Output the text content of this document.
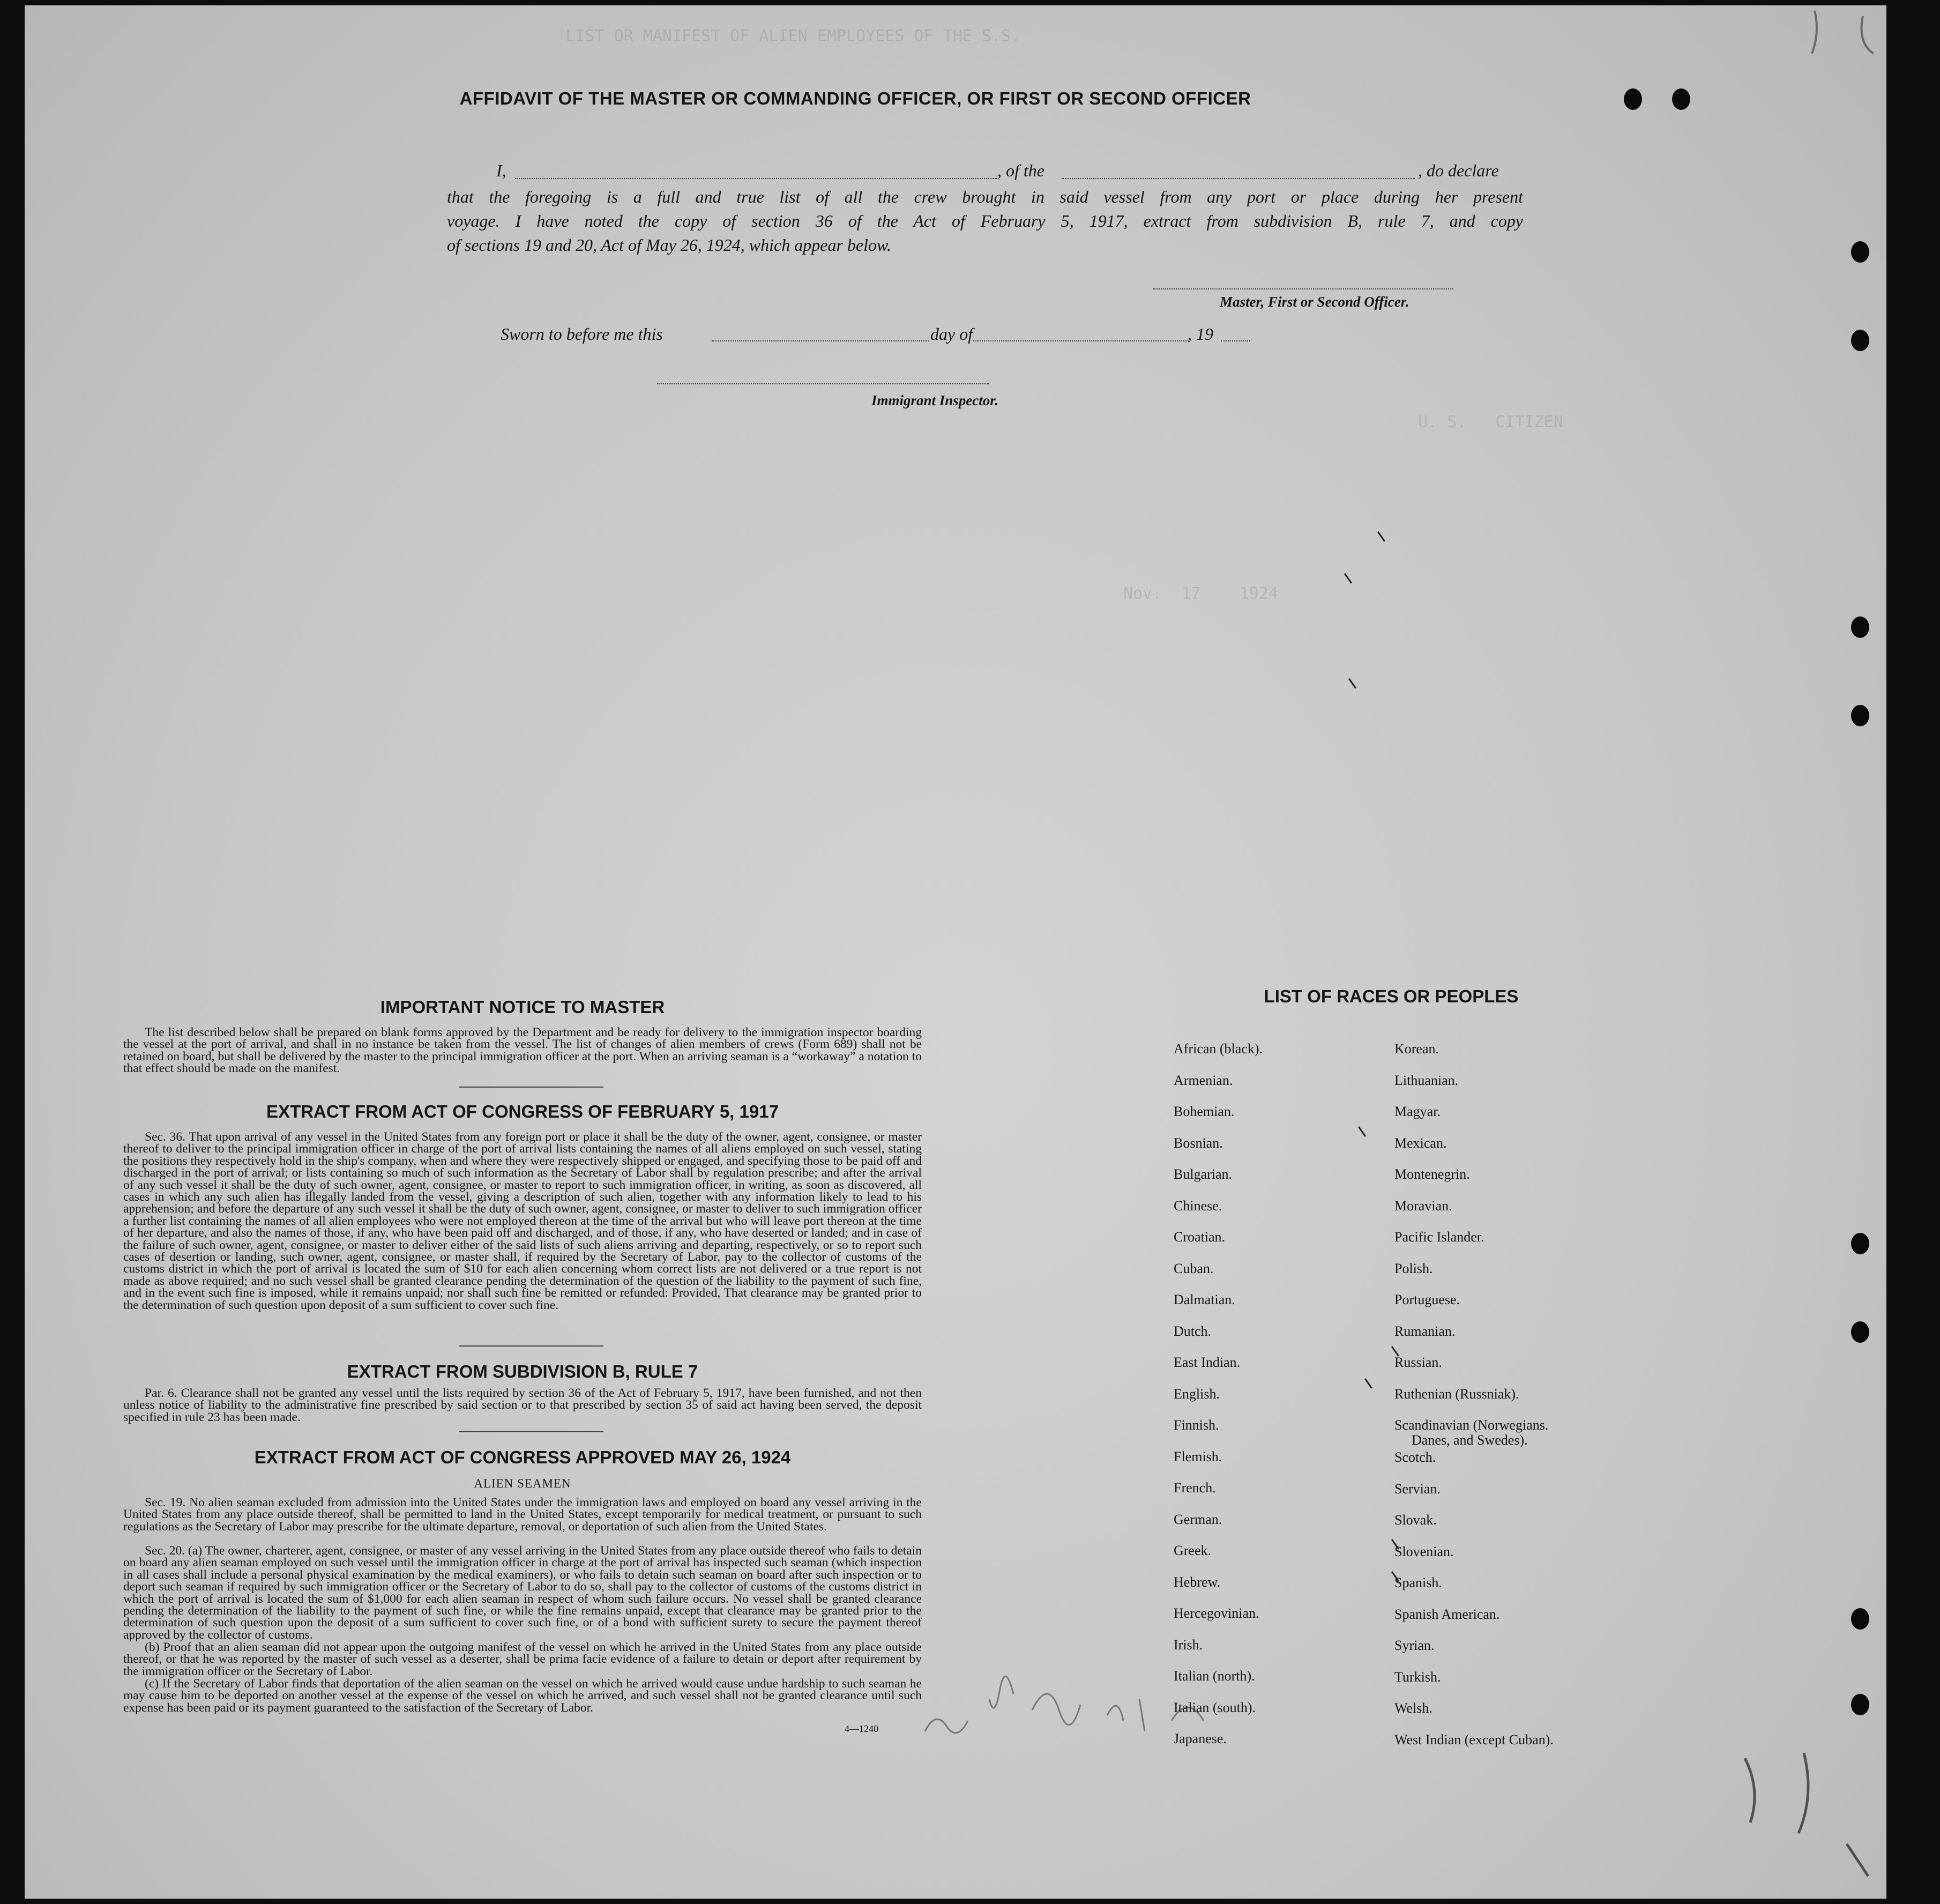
LIST OR MANIFEST OF ALIEN EMPLOYEES OF THE S.S.
U. S.   CITIZEN
Nov.  17    1924
AFFIDAVIT OF THE MASTER OR COMMANDING OFFICER, OR FIRST OR SECOND OFFICER
I,	, of the	, do declare
that the foregoing is a full and true list of all the crew brought in said vessel from any port or place during her present
voyage. I have noted the copy of section 36 of the Act of February 5, 1917, extract from subdivision B, rule 7, and copy
of sections 19 and 20, Act of May 26, 1924, which appear below.
Master, First or Second Officer.
Sworn to before me this	day of	, 19
Immigrant Inspector.
IMPORTANT NOTICE TO MASTER
The list described below shall be prepared on blank forms approved by the Department and be ready for delivery to the immigration inspector boarding the vessel at the port of arrival, and shall in no instance be taken from the vessel. The list of changes of alien members of crews (Form 689) shall not be retained on board, but shall be delivered by the master to the principal immigration officer at the port. When an arriving seaman is a “workaway” a notation to that effect should be made on the manifest.
EXTRACT FROM ACT OF CONGRESS OF FEBRUARY 5, 1917
Sec. 36. That upon arrival of any vessel in the United States from any foreign port or place it shall be the duty of the owner, agent, consignee, or master thereof to deliver to the principal immigration officer in charge of the port of arrival lists containing the names of all aliens employed on such vessel, stating the positions they respectively hold in the ship's company, when and where they were respectively shipped or engaged, and specifying those to be paid off and discharged in the port of arrival; or lists containing so much of such information as the Secretary of Labor shall by regulation prescribe; and after the arrival of any such vessel it shall be the duty of such owner, agent, consignee, or master to report to such immigration officer, in writing, as soon as discovered, all cases in which any such alien has illegally landed from the vessel, giving a description of such alien, together with any information likely to lead to his apprehension; and before the departure of any such vessel it shall be the duty of such owner, agent, consignee, or master to deliver to such immigration officer a further list containing the names of all alien employees who were not employed thereon at the time of the arrival but who will leave port thereon at the time of her departure, and also the names of those, if any, who have been paid off and discharged, and of those, if any, who have deserted or landed; and in case of the failure of such owner, agent, consignee, or master to deliver either of the said lists of such aliens arriving and departing, respectively, or so to report such cases of desertion or landing, such owner, agent, consignee, or master shall, if required by the Secretary of Labor, pay to the collector of customs of the customs district in which the port of arrival is located the sum of $10 for each alien concerning whom correct lists are not delivered or a true report is not made as above required; and no such vessel shall be granted clearance pending the determination of the question of the liability to the payment of such fine, and in the event such fine is imposed, while it remains unpaid; nor shall such fine be remitted or refunded: Provided, That clearance may be granted prior to the determination of such question upon deposit of a sum sufficient to cover such fine.
EXTRACT FROM SUBDIVISION B, RULE 7
Par. 6. Clearance shall not be granted any vessel until the lists required by section 36 of the Act of February 5, 1917, have been furnished, and not then unless notice of liability to the administrative fine prescribed by said section or to that prescribed by section 35 of said act having been served, the deposit specified in rule 23 has been made.
EXTRACT FROM ACT OF CONGRESS APPROVED MAY 26, 1924
ALIEN SEAMEN
Sec. 19. No alien seaman excluded from admission into the United States under the immigration laws and employed on board any vessel arriving in the United States from any place outside thereof, shall be permitted to land in the United States, except temporarily for medical treatment, or pursuant to such regulations as the Secretary of Labor may prescribe for the ultimate departure, removal, or deportation of such alien from the United States.
Sec. 20. (a) The owner, charterer, agent, consignee, or master of any vessel arriving in the United States from any place outside thereof who fails to detain on board any alien seaman employed on such vessel until the immigration officer in charge at the port of arrival has inspected such seaman (which inspection in all cases shall include a personal physical examination by the medical examiners), or who fails to detain such seaman on board after such inspection or to deport such seaman if required by such immigration officer or the Secretary of Labor to do so, shall pay to the collector of customs of the customs district in which the port of arrival is located the sum of $1,000 for each alien seaman in respect of whom such failure occurs. No vessel shall be granted clearance pending the determination of the liability to the payment of such fine, or while the fine remains unpaid, except that clearance may be granted prior to the determination of such question upon the deposit of a sum sufficient to cover such fine, or of a bond with sufficient surety to secure the payment thereof approved by the collector of customs.
(b) Proof that an alien seaman did not appear upon the outgoing manifest of the vessel on which he arrived in the United States from any place outside thereof, or that he was reported by the master of such vessel as a deserter, shall be prima facie evidence of a failure to detain or deport after requirement by the immigration officer or the Secretary of Labor.
(c) If the Secretary of Labor finds that deportation of the alien seaman on the vessel on which he arrived would cause undue hardship to such seaman he may cause him to be deported on another vessel at the expense of the vessel on which he arrived, and such vessel shall not be granted clearance until such expense has been paid or its payment guaranteed to the satisfaction of the Secretary of Labor.
4—1240
LIST OF RACES OR PEOPLES
African (black).
Armenian.
Bohemian.
Bosnian.
Bulgarian.
Chinese.
Croatian.
Cuban.
Dalmatian.
Dutch.
East Indian.
English.
Finnish.
Flemish.
French.
German.
Greek.
Hebrew.
Hercegovinian.
Irish.
Italian (north).
Italian (south).
Japanese.
Korean.
Lithuanian.
Magyar.
Mexican.
Montenegrin.
Moravian.
Pacific Islander.
Polish.
Portuguese.
Rumanian.
Russian.
Ruthenian (Russniak).
Scandinavian (Norwegians.
Danes, and Swedes).
Scotch.
Servian.
Slovak.
Slovenian.
Spanish.
Spanish American.
Syrian.
Turkish.
Welsh.
West Indian (except Cuban).
